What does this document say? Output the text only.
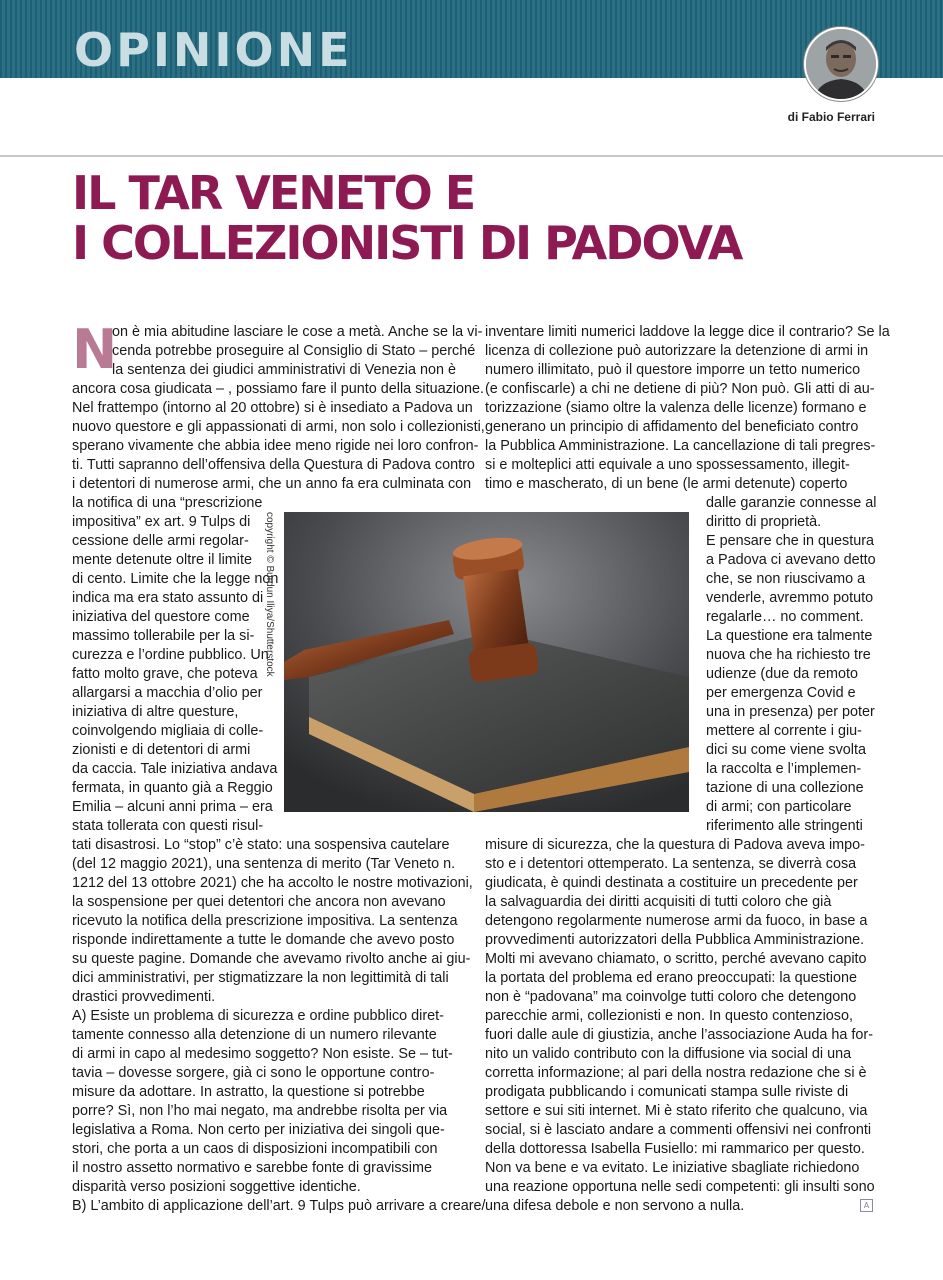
OPINIONE
di Fabio Ferrari
IL TAR VENETO E
I COLLEZIONISTI DI PADOVA
N
on è mia abitudine lasciare le cose a metà. Anche se la vi-
cenda potrebbe proseguire al Consiglio di Stato – perché
la sentenza dei giudici amministrativi di Venezia non è
ancora cosa giudicata – , possiamo fare il punto della situazione.
Nel frattempo (intorno al 20 ottobre) si è insediato a Padova un
nuovo questore e gli appassionati di armi, non solo i collezionisti,
sperano vivamente che abbia idee meno rigide nei loro confron-
ti. Tutti sapranno dell’offensiva della Questura di Padova contro
i detentori di numerose armi, che un anno fa era culminata con
la notifica di una “prescrizione
impositiva” ex art. 9 Tulps di
cessione delle armi regolar-
mente detenute oltre il limite
di cento. Limite che la legge non
indica ma era stato assunto di
iniziativa del questore come
massimo tollerabile per la si-
curezza e l’ordine pubblico. Un
fatto molto grave, che poteva
allargarsi a macchia d’olio per
iniziativa di altre questure,
coinvolgendo migliaia di colle-
zionisti e di detentori di armi
da caccia. Tale iniziativa andava
fermata, in quanto già a Reggio
Emilia – alcuni anni prima – era
stata tollerata con questi risul-
tati disastrosi. Lo “stop” c’è stato: una sospensiva cautelare
(del 12 maggio 2021), una sentenza di merito (Tar Veneto n.
1212 del 13 ottobre 2021) che ha accolto le nostre motivazioni,
la sospensione per quei detentori che ancora non avevano
ricevuto la notifica della prescrizione impositiva. La sentenza
risponde indirettamente a tutte le domande che avevo posto
su queste pagine. Domande che avevamo rivolto anche ai giu-
dici amministrativi, per stigmatizzare la non legittimità di tali
drastici provvedimenti.
A) Esiste un problema di sicurezza e ordine pubblico diret-
tamente connesso alla detenzione di un numero rilevante
di armi in capo al medesimo soggetto? Non esiste. Se – tut-
tavia – dovesse sorgere, già ci sono le opportune contro-
misure da adottare. In astratto, la questione si potrebbe
porre? Sì, non l’ho mai negato, ma andrebbe risolta per via
legislativa a Roma. Non certo per iniziativa dei singoli que-
stori, che porta a un caos di disposizioni incompatibili con
il nostro assetto normativo e sarebbe fonte di gravissime
disparità verso posizioni soggettive identiche.
B) L’ambito di applicazione dell’art. 9 Tulps può arrivare a creare/
inventare limiti numerici laddove la legge dice il contrario? Se la
licenza di collezione può autorizzare la detenzione di armi in
numero illimitato, può il questore imporre un tetto numerico
(e confiscarle) a chi ne detiene di più? Non può. Gli atti di au-
torizzazione (siamo oltre la valenza delle licenze) formano e
generano un principio di affidamento del beneficiato contro
la Pubblica Amministrazione. La cancellazione di tali pregres-
si e molteplici atti equivale a uno spossessamento, illegit-
timo e mascherato, di un bene (le armi detenute) coperto
dalle garanzie connesse al
diritto di proprietà.
E pensare che in questura
a Padova ci avevano detto
che, se non riuscivamo a
venderle, avremmo potuto
regalarle… no comment.
La questione era talmente
nuova che ha richiesto tre
udienze (due da remoto
per emergenza Covid e
una in presenza) per poter
mettere al corrente i giu-
dici su come viene svolta
la raccolta e l’implemen-
tazione di una collezione
di armi; con particolare
riferimento alle stringenti
misure di sicurezza, che la questura di Padova aveva impo-
sto e i detentori ottemperato. La sentenza, se diverrà cosa
giudicata, è quindi destinata a costituire un precedente per
la salvaguardia dei diritti acquisiti di tutti coloro che già
detengono regolarmente numerose armi da fuoco, in base a
provvedimenti autorizzatori della Pubblica Amministrazione.
Molti mi avevano chiamato, o scritto, perché avevano capito
la portata del problema ed erano preoccupati: la questione
non è “padovana” ma coinvolge tutti coloro che detengono
parecchie armi, collezionisti e non. In questo contenzioso,
fuori dalle aule di giustizia, anche l’associazione Auda ha for-
nito un valido contributo con la diffusione via social di una
corretta informazione; al pari della nostra redazione che si è
prodigata pubblicando i comunicati stampa sulle riviste di
settore e sui siti internet. Mi è stato riferito che qualcuno, via
social, si è lasciato andare a commenti offensivi nei confronti
della dottoressa Isabella Fusiello: mi rammarico per questo.
Non va bene e va evitato. Le iniziative sbagliate richiedono
una reazione opportuna nelle sedi competenti: gli insulti sono
una difesa debole e non servono a nulla.
copyright © Burdun Iliya/Shutterstock
A
